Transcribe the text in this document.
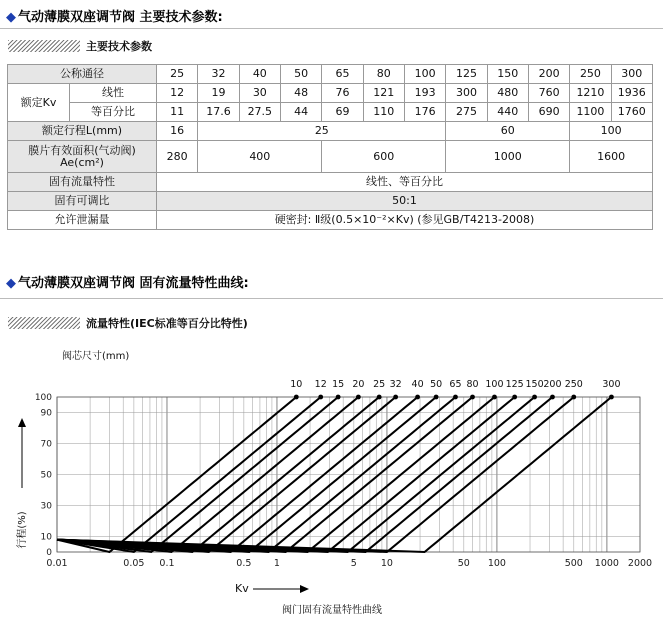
◆ 气动薄膜双座调节阀 主要技术参数:
主要技术参数
公称通径		25	32	40	50	65	80	100	125	150	200	250	300
额定Kv	线性	12	19	30	48	76	121	193	300	480	760	1210	1936
	等百分比	11	17.6	27.5	44	69	110	176	275	440	690	1100	1760
额定行程L(mm)		16	25						60			100	

膜片有效面积(气动阀)
Ae(cm²)		280	400			600			1000			1600	
固有流量特性		线性、等百分比											
固有可调比		50:1											
允许泄漏量		硬密封: Ⅱ级(0.5×10⁻²×Kv) (参见GB/T4213-2008)											
◆ 气动薄膜双座调节阀 固有流量特性曲线:
流量特性(IEC标准等百分比特性)
0
10
30
50
70
90
100
0.01	0.05 0.1	0.5 1	5	10	50 100	500 1000 2000
10 12 15 20 25 32 40 50 65 80 100 125 150 200 250 300
行程(%)
阀芯尺寸(mm)
Kv
阀门固有流量特性曲线
